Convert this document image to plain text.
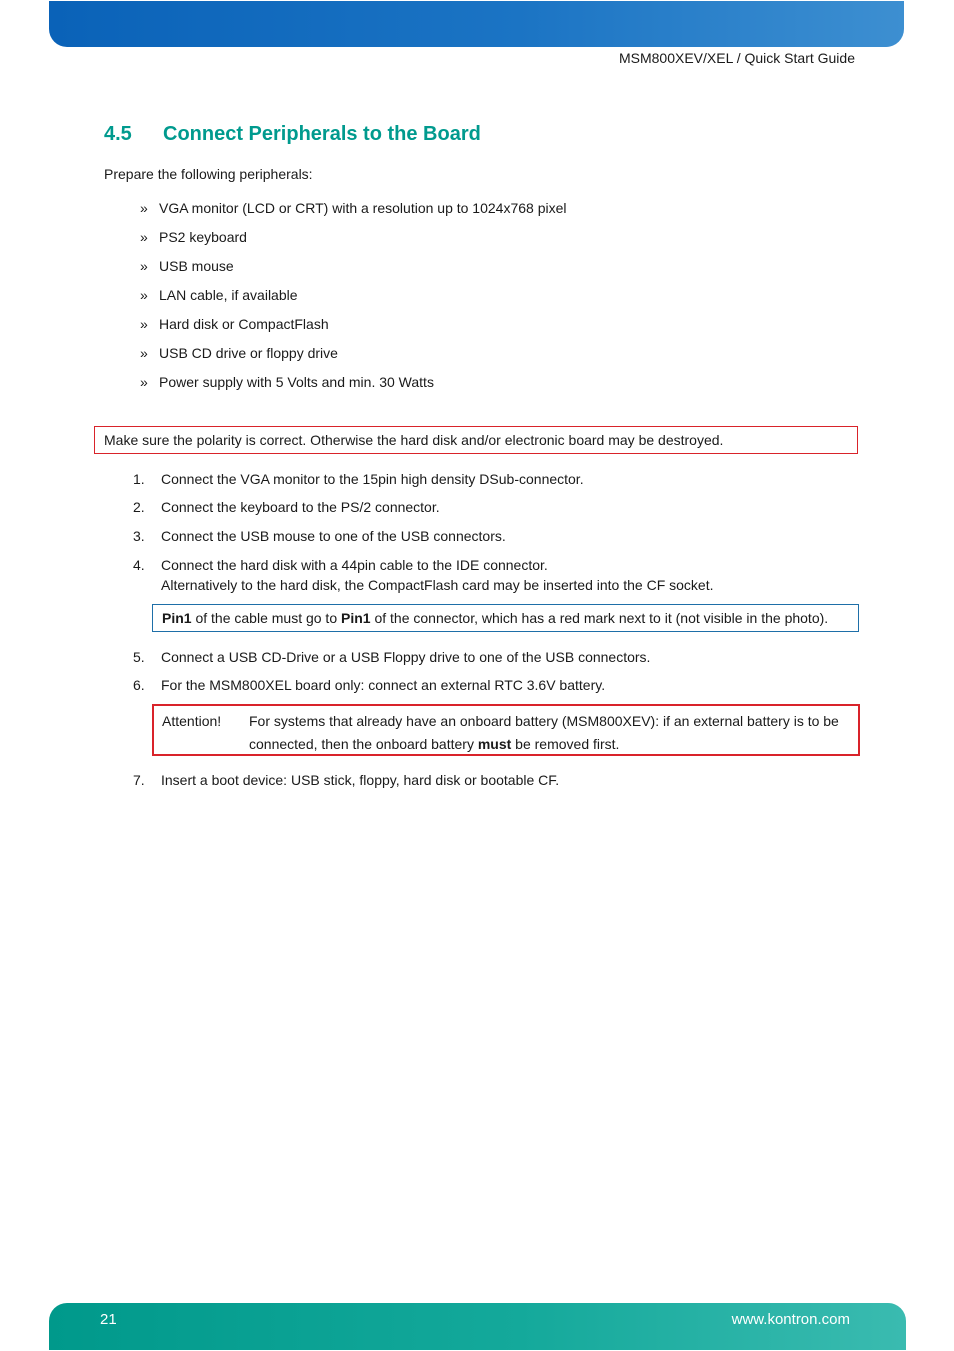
MSM800XEV/XEL / Quick Start Guide
4.5 Connect Peripherals to the Board
Prepare the following peripherals:
» VGA monitor (LCD or CRT) with a resolution up to 1024x768 pixel
» PS2 keyboard
» USB mouse
» LAN cable, if available
» Hard disk or CompactFlash
» USB CD drive or floppy drive
» Power supply with 5 Volts and min. 30 Watts
Make sure the polarity is correct. Otherwise the hard disk and/or electronic board may be destroyed.
1. Connect the VGA monitor to the 15pin high density DSub-connector.
2. Connect the keyboard to the PS/2 connector.
3. Connect the USB mouse to one of the USB connectors.
4. Connect the hard disk with a 44pin cable to the IDE connector.
Alternatively to the hard disk, the CompactFlash card may be inserted into the CF socket.
Pin1 of the cable must go to Pin1 of the connector, which has a red mark next to it (not visible in the photo).
5. Connect a USB CD-Drive or a USB Floppy drive to one of the USB connectors.
6. For the MSM800XEL board only: connect an external RTC 3.6V battery.
Attention! For systems that already have an onboard battery (MSM800XEV): if an external battery is to be connected, then the onboard battery must be removed first.
7. Insert a boot device: USB stick, floppy, hard disk or bootable CF.
21	www.kontron.com
